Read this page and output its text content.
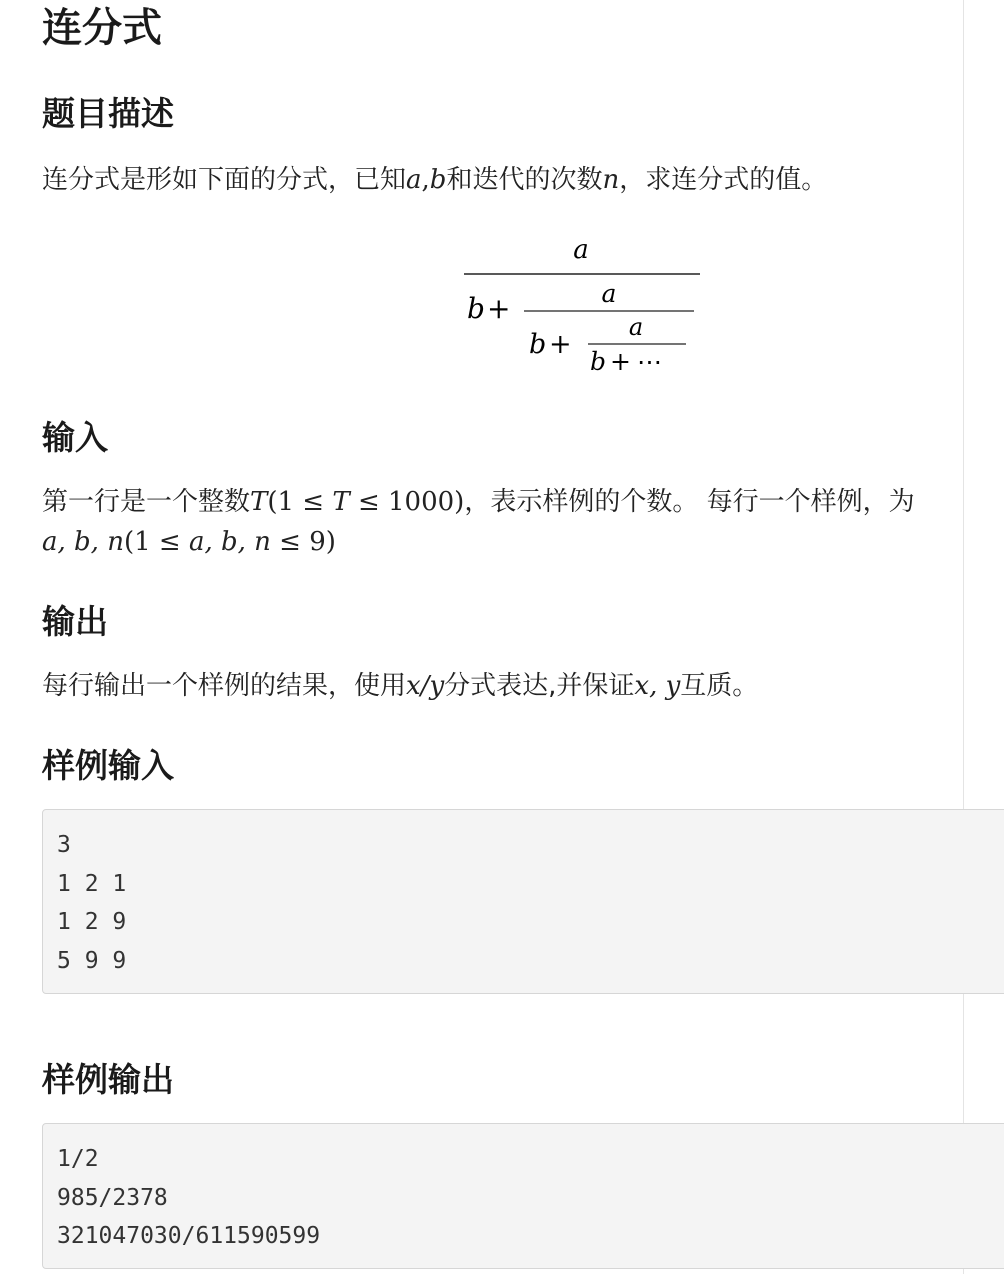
连分式
题目描述

连分式是形如下面的分式，已知a,b和迭代的次数n，求连分式的值。

a
b +	a
b +
a
b + ⋯
输入

第一行是一个整数T(1 ≤ T ≤ 1000)，表示样例的个数。 每行一个样例，为

a, b, n(1 ≤ a, b, n ≤ 9)

输出

每行输出一个样例的结果，使用x/y分式表达,并保证x, y互质。

样例输入
3
1 2 1
1 2 9
5 9 9
样例输出
1/2
985/2378
321047030/611590599
